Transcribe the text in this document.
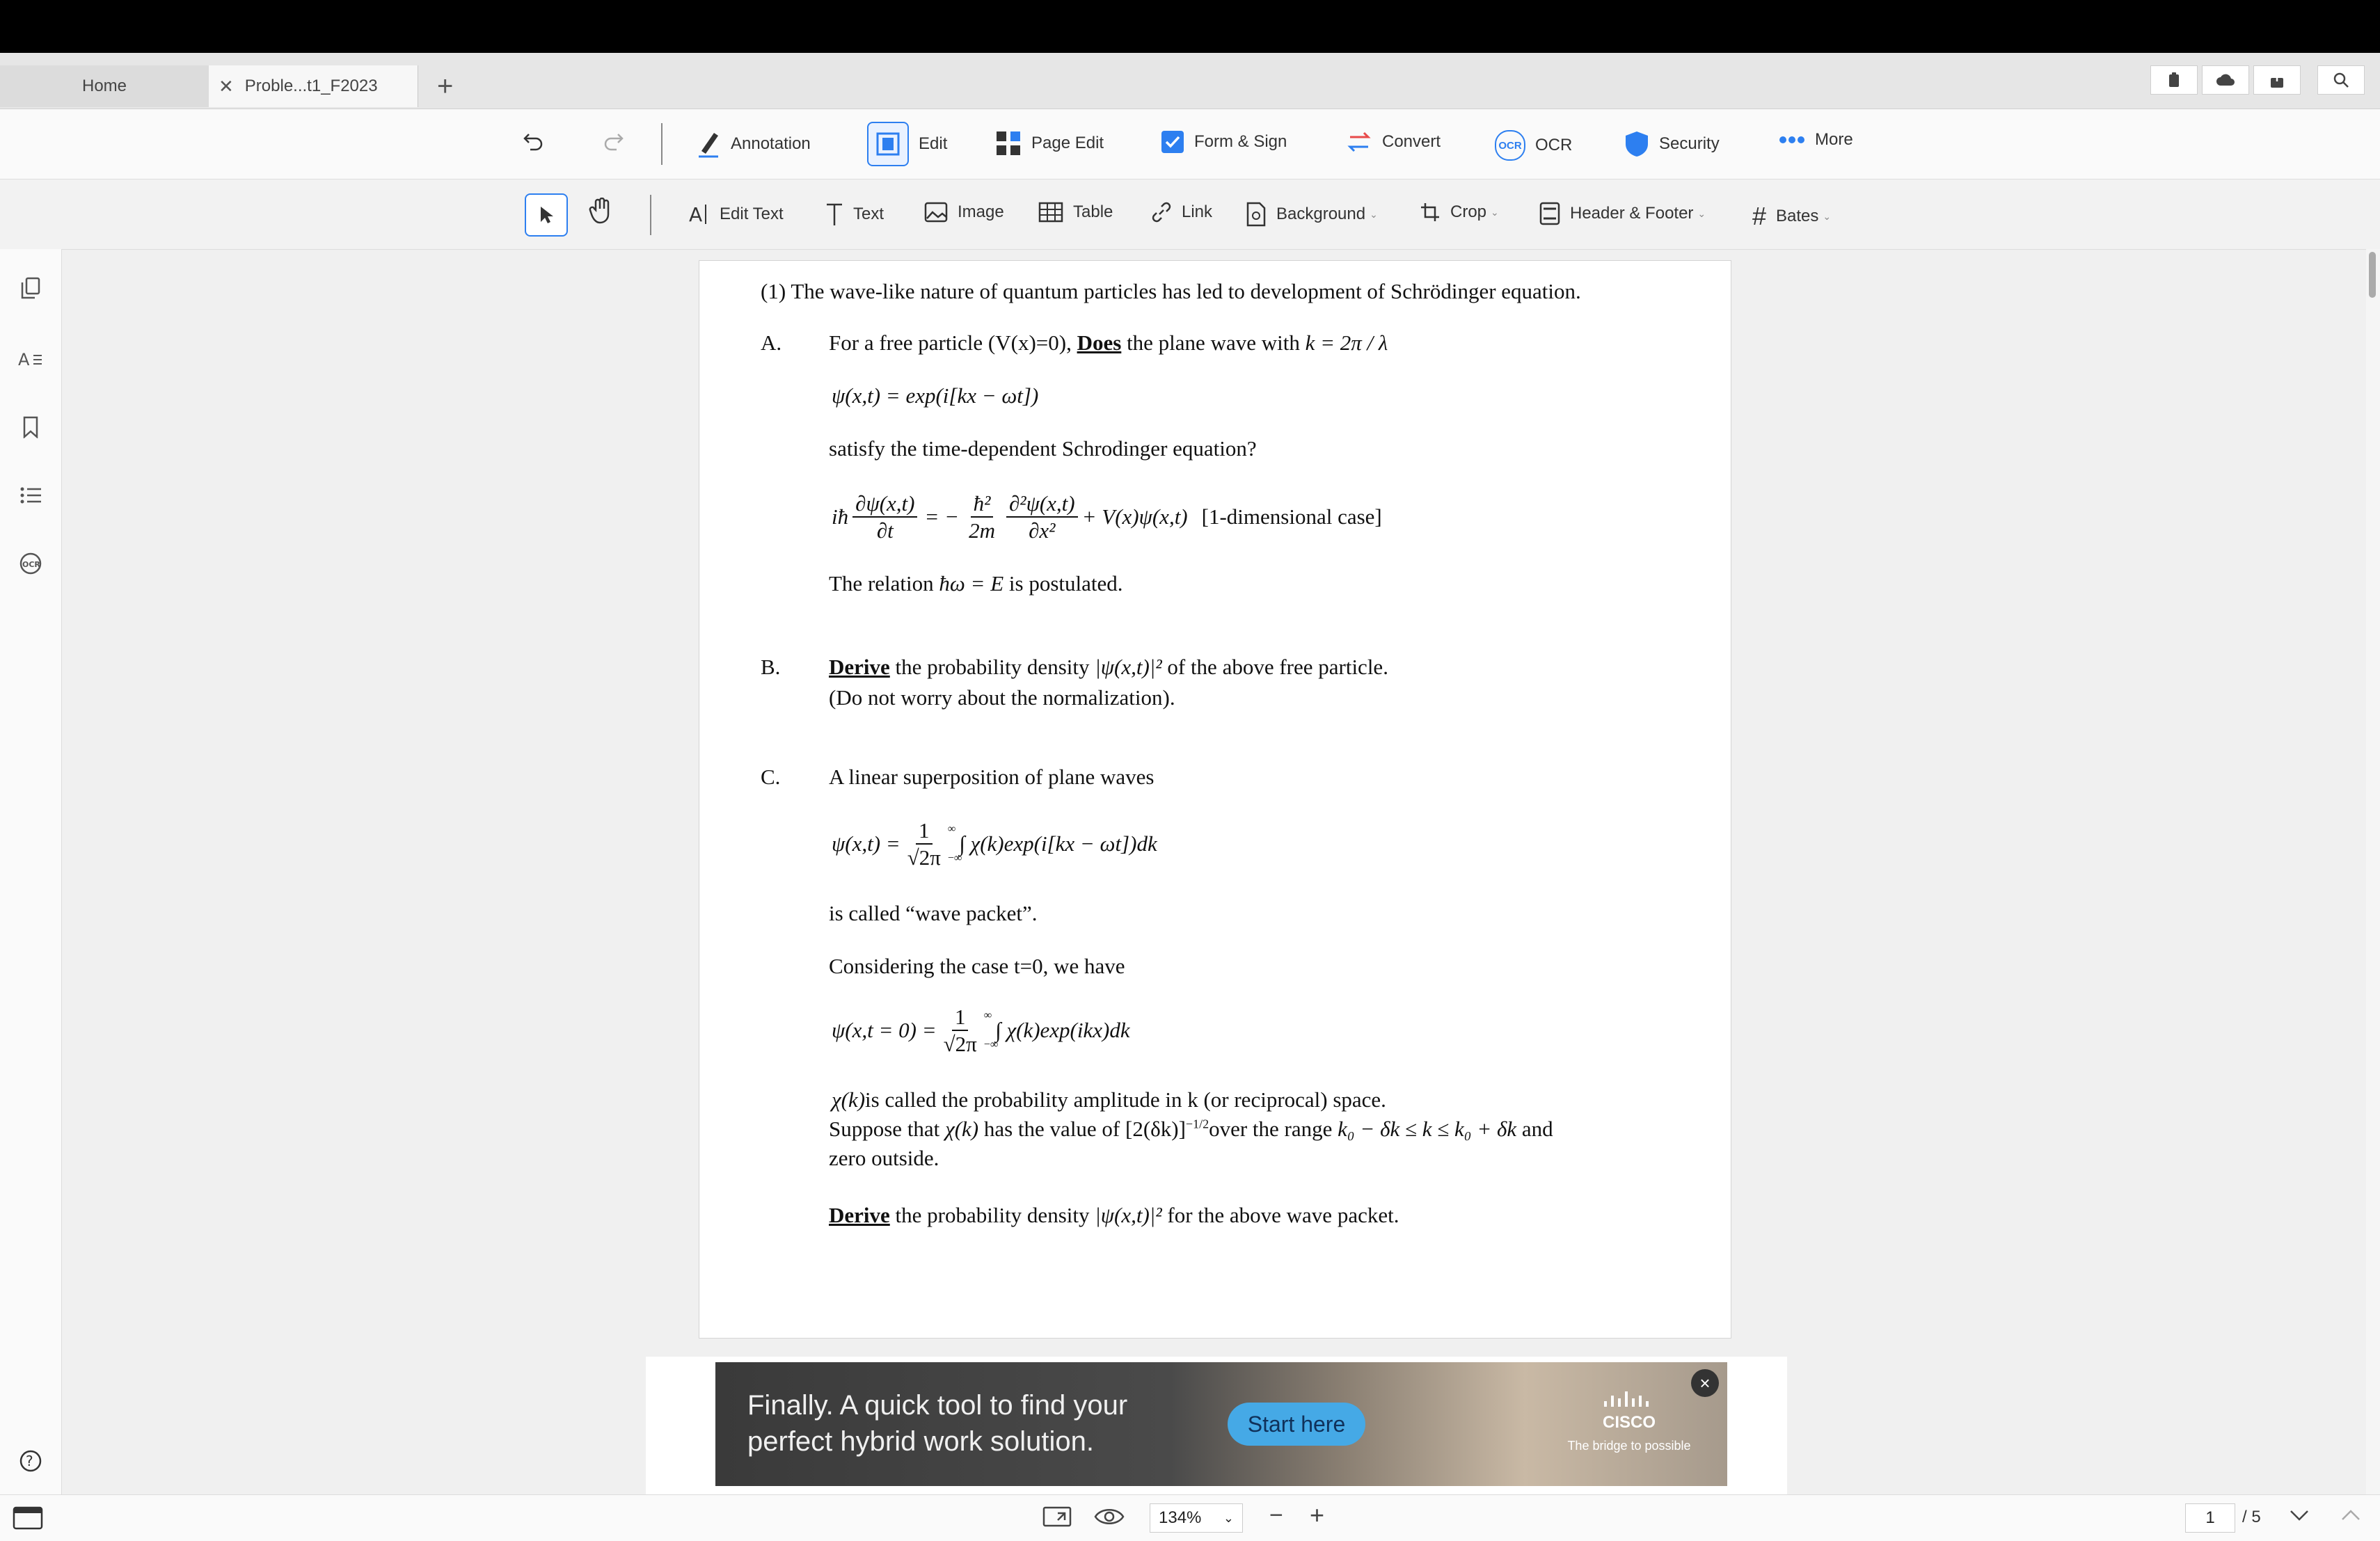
Home	✕ Proble...t1_F2023 +
Annotation	Edit	Page Edit	Form & Sign	Convert	OCR OCR	Security	More
A Edit Text	Text	Image	Table	Link	Background ⌄	Crop ⌄	Header & Footer ⌄ # Bates ⌄
A
OCR
?
(1) The wave-like nature of quantum particles has led to development of Schrödinger equation.
A. For a free particle (V(x)=0), Does the plane wave with k = 2π / λ
ψ(x,t) = exp(i[kx − ωt])
satisfy the time-dependent Schrodinger equation?
iħ $\frac{\partial\psi(x,t)}{\partial t}$ = − $\frac{\text{ħ²}}{2m} \frac{\text{∂²ψ(x,t)}}{\text{∂x²}} + V(x)\psi(x,t)$ [1-dimensional case]
The relation ħω = E is postulated.
B. Derive the probability density |ψ(x,t)|² of the above free particle.
(Do not worry about the normalization).
C. A linear superposition of plane waves
$\psi(x,t) = \frac{1}{√2\pi}$ ∞
−∞
∫ χ(k)exp(i[kx − ωt])dk
is called “wave packet”.
Considering the case t=0, we have
$\psi(x,t = 0) = \frac{1}{√2\pi}$ ∞
−∞
∫ χ(k)exp(ikx)dk
χ(k)is called the probability amplitude in k (or reciprocal) space.
Suppose that χ(k) has the value of $[2(\delta k)]^{-1/2}over$ the range k₀ − δk ≤ k ≤ k₀ + δk and
zero outside.
Derive the probability density |ψ(x,t)|² for the above wave packet.
Finally. A quick tool to find your
perfect hybrid work solution.
Start here	CISCO
The bridge to possible
×
134% ⌄ − +	1	/ 5
